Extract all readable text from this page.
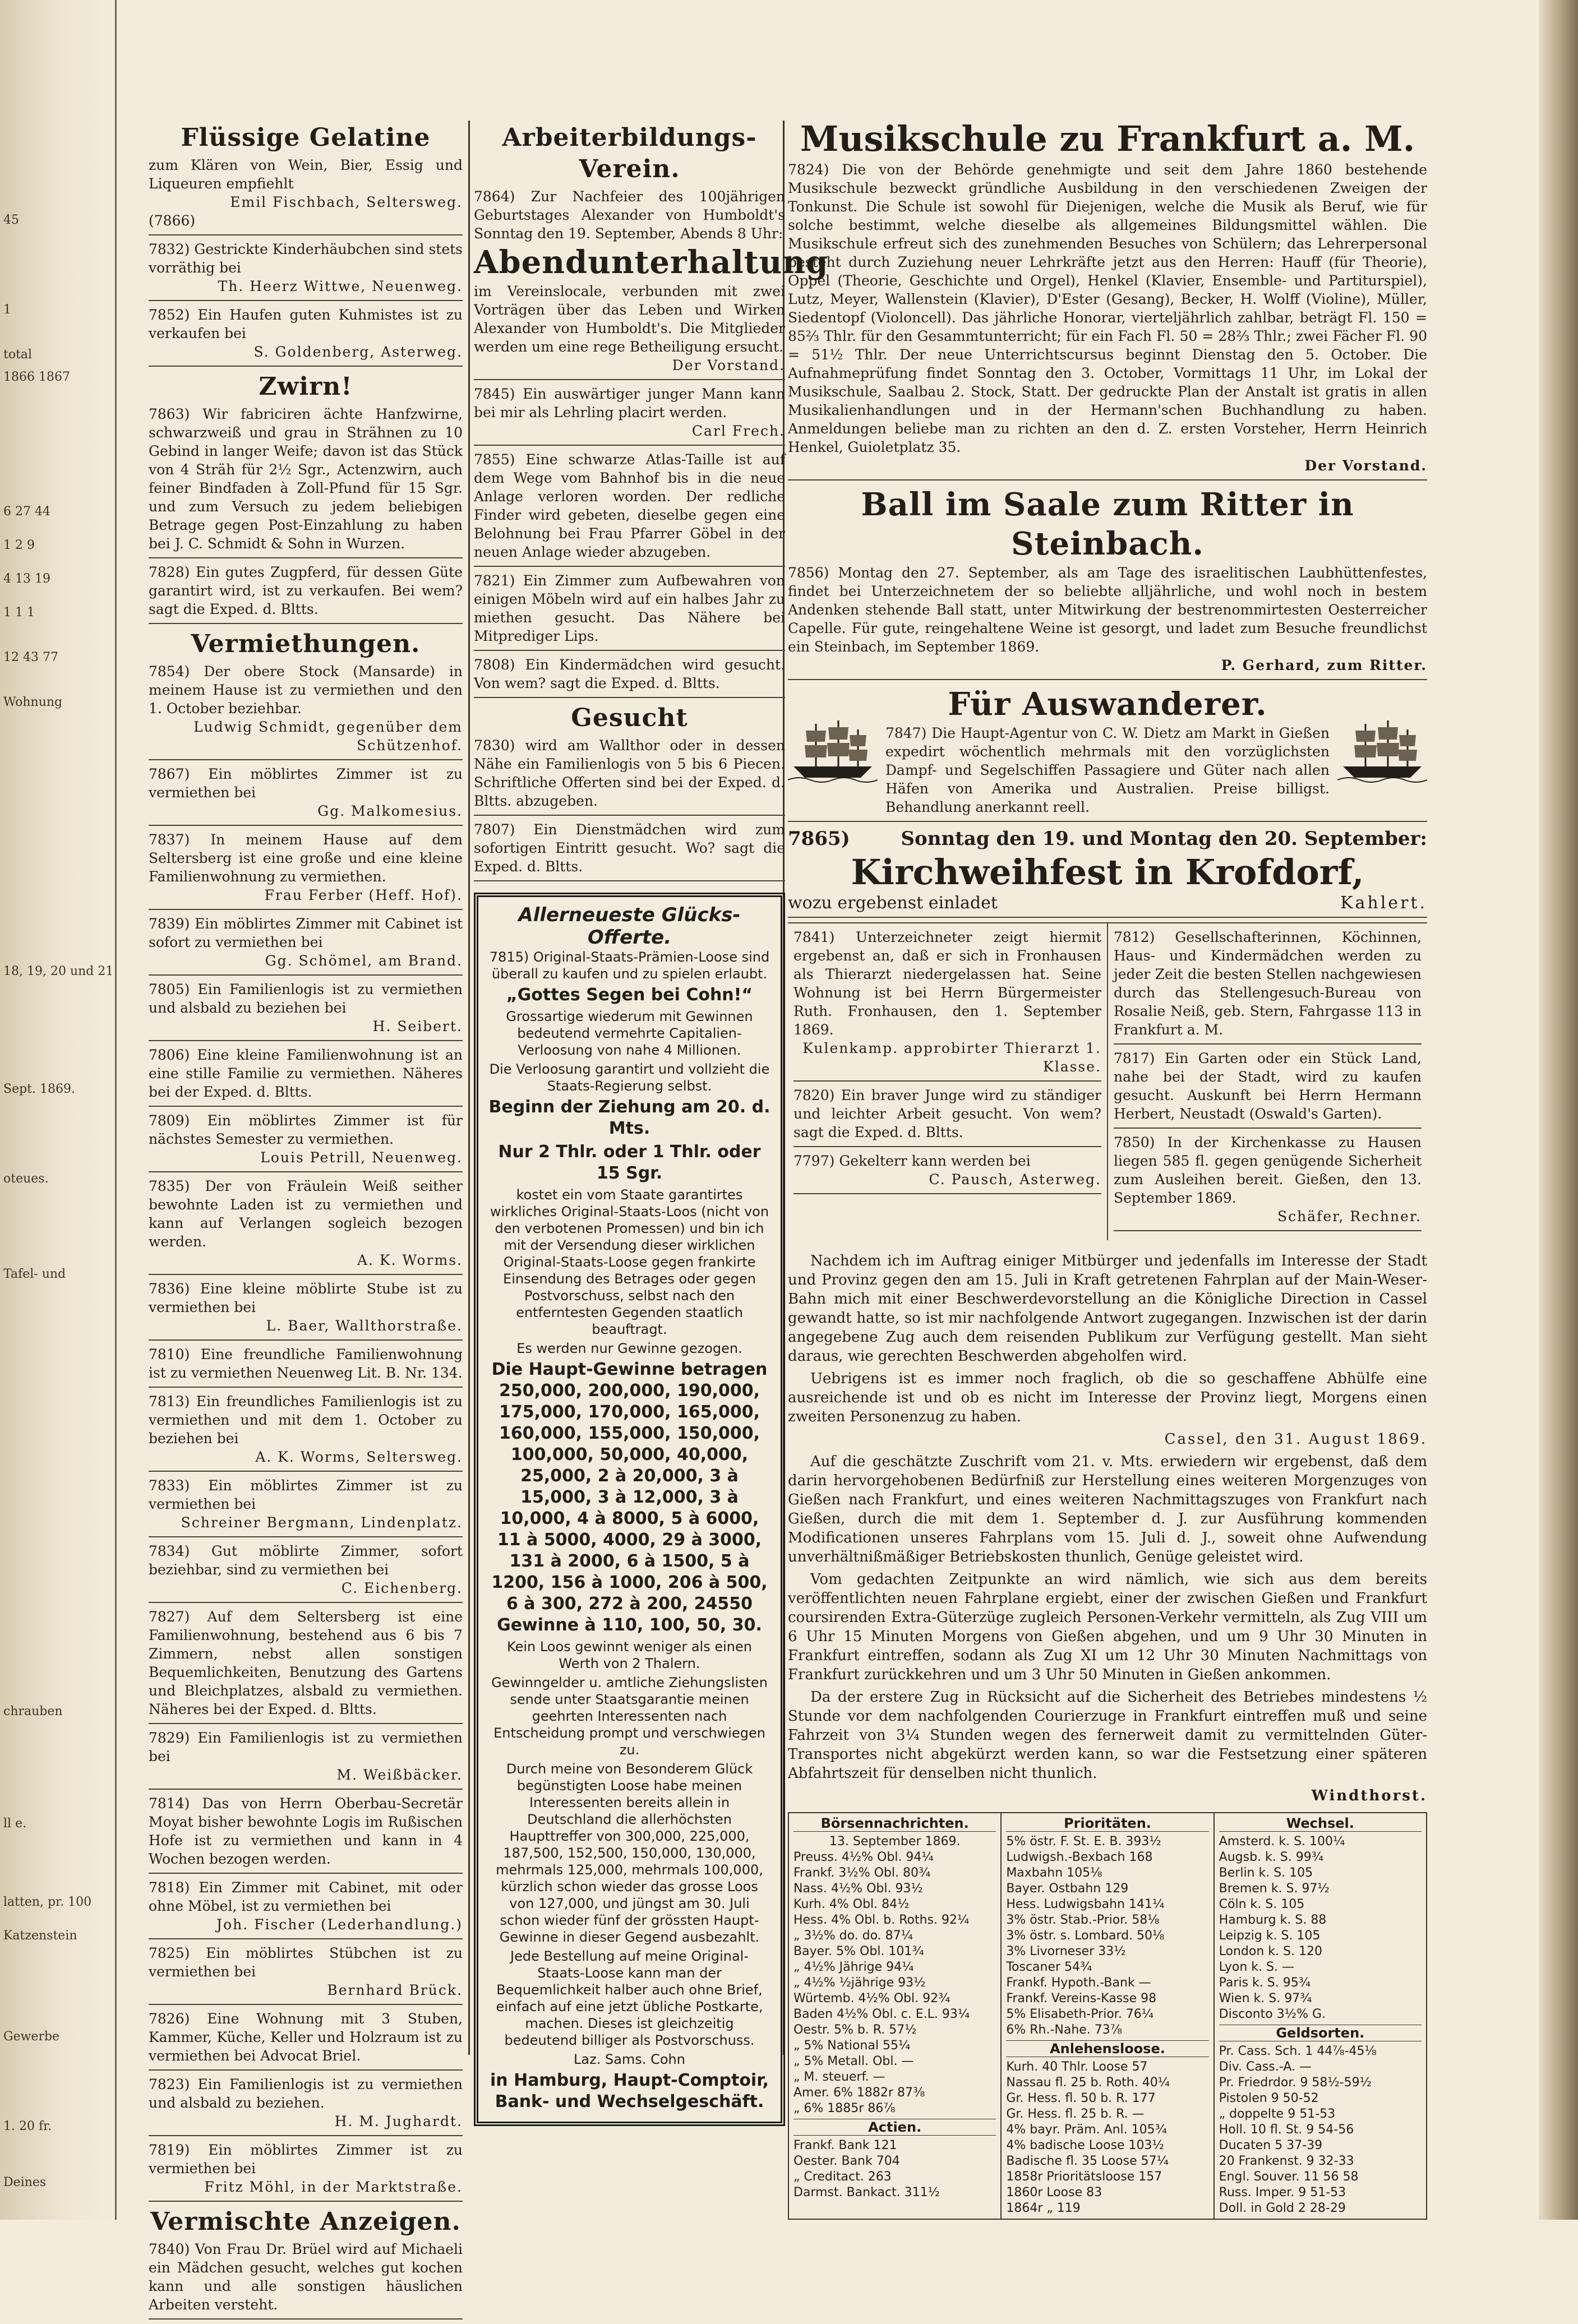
45
1
total
1866 1867
6 27 44
1 2 9
4 13 19
1 1 1
12 43 77
Wohnung
18, 19, 20 und 21
Sept. 1869.
oteues.
Tafel- und
chrauben
ll e.
latten, pr. 100
Katzenstein
Gewerbe
1. 20 fr.
Deines
Flüssige Gelatine

zum Klären von Wein, Bier, Essig und Liqueuren empfiehlt

Emil Fischbach, Seltersweg.
(7866)

7832) Gestrickte Kinderhäubchen sind stets vorräthig bei

Th. Heerz Wittwe, Neuenweg.

7852) Ein Haufen guten Kuhmistes ist zu verkaufen bei

S. Goldenberg, Asterweg.
Zwirn!

7863) Wir fabriciren ächte Hanfzwirne, schwarzweiß und grau in Strähnen zu 10 Gebind in langer Weife; davon ist das Stück von 4 Sträh für 2½ Sgr., Actenzwirn, auch feiner Bindfaden à Zoll-Pfund für 15 Sgr. und zum Versuch zu jedem beliebigen Betrage gegen Post-Einzahlung zu haben bei J. C. Schmidt & Sohn in Wurzen.

7828) Ein gutes Zugpferd, für dessen Güte garantirt wird, ist zu verkaufen. Bei wem? sagt die Exped. d. Bltts.

Vermiethungen.

7854) Der obere Stock (Mansarde) in meinem Hause ist zu vermiethen und den 1. October beziehbar.

Ludwig Schmidt, gegenüber dem Schützenhof.

7867) Ein möblirtes Zimmer ist zu vermiethen bei

Gg. Malkomesius.

7837) In meinem Hause auf dem Seltersberg ist eine große und eine kleine Familienwohnung zu vermiethen.

Frau Ferber (Heff. Hof).

7839) Ein möblirtes Zimmer mit Cabinet ist sofort zu vermiethen bei

Gg. Schömel, am Brand.

7805) Ein Familienlogis ist zu vermiethen und alsbald zu beziehen bei

H. Seibert.

7806) Eine kleine Familienwohnung ist an eine stille Familie zu vermiethen. Näheres bei der Exped. d. Bltts.

7809) Ein möblirtes Zimmer ist für nächstes Semester zu vermiethen.

Louis Petrill, Neuenweg.

7835) Der von Fräulein Weiß seither bewohnte Laden ist zu vermiethen und kann auf Verlangen sogleich bezogen werden.

A. K. Worms.

7836) Eine kleine möblirte Stube ist zu vermiethen bei

L. Baer, Wallthorstraße.

7810) Eine freundliche Familienwohnung ist zu vermiethen Neuenweg Lit. B. Nr. 134.

7813) Ein freundliches Familienlogis ist zu vermiethen und mit dem 1. October zu beziehen bei

A. K. Worms, Seltersweg.

7833) Ein möblirtes Zimmer ist zu vermiethen bei

Schreiner Bergmann, Lindenplatz.

7834) Gut möblirte Zimmer, sofort beziehbar, sind zu vermiethen bei

C. Eichenberg.

7827) Auf dem Seltersberg ist eine Familienwohnung, bestehend aus 6 bis 7 Zimmern, nebst allen sonstigen Bequemlichkeiten, Benutzung des Gartens und Bleichplatzes, alsbald zu vermiethen. Näheres bei der Exped. d. Bltts.

7829) Ein Familienlogis ist zu vermiethen bei

M. Weißbäcker.

7814) Das von Herrn Oberbau-Secretär Moyat bisher bewohnte Logis im Rußischen Hofe ist zu vermiethen und kann in 4 Wochen bezogen werden.

7818) Ein Zimmer mit Cabinet, mit oder ohne Möbel, ist zu vermiethen bei

Joh. Fischer (Lederhandlung.)

7825) Ein möblirtes Stübchen ist zu vermiethen bei

Bernhard Brück.

7826) Eine Wohnung mit 3 Stuben, Kammer, Küche, Keller und Holzraum ist zu vermiethen bei Advocat Briel.

7823) Ein Familienlogis ist zu vermiethen und alsbald zu beziehen.

H. M. Jughardt.

7819) Ein möblirtes Zimmer ist zu vermiethen bei

Fritz Möhl, in der Marktstraße.
Vermischte Anzeigen.

7840) Von Frau Dr. Brüel wird auf Michaeli ein Mädchen gesucht, welches gut kochen kann und alle sonstigen häuslichen Arbeiten versteht.

Arbeiterbildungs-Verein.

7864) Zur Nachfeier des 100jährigen Geburtstages Alexander von Humboldt's Sonntag den 19. September, Abends 8 Uhr:

Abendunterhaltung

im Vereinslocale, verbunden mit zwei Vorträgen über das Leben und Wirken Alexander von Humboldt's. Die Mitglieder werden um eine rege Betheiligung ersucht.

Der Vorstand.

7845) Ein auswärtiger junger Mann kann bei mir als Lehrling placirt werden.

Carl Frech.

7855) Eine schwarze Atlas-Taille ist auf dem Wege vom Bahnhof bis in die neue Anlage verloren worden. Der redliche Finder wird gebeten, dieselbe gegen eine Belohnung bei Frau Pfarrer Göbel in der neuen Anlage wieder abzugeben.

7821) Ein Zimmer zum Aufbewahren von einigen Möbeln wird auf ein halbes Jahr zu miethen gesucht. Das Nähere bei Mitprediger Lips.

7808) Ein Kindermädchen wird gesucht. Von wem? sagt die Exped. d. Bltts.

Gesucht

7830) wird am Wallthor oder in dessen Nähe ein Familienlogis von 5 bis 6 Piecen. Schriftliche Offerten sind bei der Exped. d. Bltts. abzugeben.

7807) Ein Dienstmädchen wird zum sofortigen Eintritt gesucht. Wo? sagt die Exped. d. Bltts.

Allerneueste Glücks-Offerte.
7815) Original-Staats-Prämien-Loose sind überall zu kaufen und zu spielen erlaubt.
„Gottes Segen bei Cohn!“
Grossartige wiederum mit Gewinnen bedeutend vermehrte Capitalien-Verloosung von nahe 4 Millionen.
Die Verloosung garantirt und vollzieht die Staats-Regierung selbst.
Beginn der Ziehung am 20. d. Mts.
Nur 2 Thlr. oder 1 Thlr. oder 15 Sgr.
kostet ein vom Staate garantirtes wirkliches Original-Staats-Loos (nicht von den verbotenen Promessen) und bin ich mit der Versendung dieser wirklichen Original-Staats-Loose gegen frankirte Einsendung des Betrages oder gegen Postvorschuss, selbst nach den entferntesten Gegenden staatlich beauftragt.
Es werden nur Gewinne gezogen.
Die Haupt-Gewinne betragen 250,000, 200,000, 190,000, 175,000, 170,000, 165,000, 160,000, 155,000, 150,000, 100,000, 50,000, 40,000, 25,000, 2 à 20,000, 3 à 15,000, 3 à 12,000, 3 à 10,000, 4 à 8000, 5 à 6000, 11 à 5000, 4000, 29 à 3000, 131 à 2000, 6 à 1500, 5 à 1200, 156 à 1000, 206 à 500, 6 à 300, 272 à 200, 24550 Gewinne à 110, 100, 50, 30.
Kein Loos gewinnt weniger als einen Werth von 2 Thalern.
Gewinngelder u. amtliche Ziehungslisten sende unter Staatsgarantie meinen geehrten Interessenten nach Entscheidung prompt und verschwiegen zu.
Durch meine von Besonderem Glück begünstigten Loose habe meinen Interessenten bereits allein in Deutschland die allerhöchsten Haupttreffer von 300,000, 225,000, 187,500, 152,500, 150,000, 130,000, mehrmals 125,000, mehrmals 100,000, kürzlich schon wieder das grosse Loos von 127,000, und jüngst am 30. Juli schon wieder fünf der grössten Haupt-Gewinne in dieser Gegend ausbezahlt.
Jede Bestellung auf meine Original-Staats-Loose kann man der Bequemlichkeit halber auch ohne Brief, einfach auf eine jetzt übliche Postkarte, machen. Dieses ist gleichzeitig bedeutend billiger als Postvorschuss.
Laz. Sams. Cohn
in Hamburg, Haupt-Comptoir, Bank- und Wechselgeschäft.
Musikschule zu Frankfurt a. M.

7824) Die von der Behörde genehmigte und seit dem Jahre 1860 bestehende Musikschule bezweckt gründliche Ausbildung in den verschiedenen Zweigen der Tonkunst. Die Schule ist sowohl für Diejenigen, welche die Musik als Beruf, wie für solche bestimmt, welche dieselbe als allgemeines Bildungsmittel wählen. Die Musikschule erfreut sich des zunehmenden Besuches von Schülern; das Lehrerpersonal besteht durch Zuziehung neuer Lehrkräfte jetzt aus den Herren: Hauff (für Theorie), Oppel (Theorie, Geschichte und Orgel), Henkel (Klavier, Ensemble- und Partiturspiel), Lutz, Meyer, Wallenstein (Klavier), D'Ester (Gesang), Becker, H. Wolff (Violine), Müller, Siedentopf (Violoncell). Das jährliche Honorar, vierteljährlich zahlbar, beträgt Fl. 150 = 85⅔ Thlr. für den Gesammtunterricht; für ein Fach Fl. 50 = 28⅔ Thlr.; zwei Fächer Fl. 90 = 51½ Thlr. Der neue Unterrichtscursus beginnt Dienstag den 5. October. Die Aufnahmeprüfung findet Sonntag den 3. October, Vormittags 11 Uhr, im Lokal der Musikschule, Saalbau 2. Stock, Statt. Der gedruckte Plan der Anstalt ist gratis in allen Musikalienhandlungen und in der Hermann'schen Buchhandlung zu haben. Anmeldungen beliebe man zu richten an den d. Z. ersten Vorsteher, Herrn Heinrich Henkel, Guioletplatz 35.

Der Vorstand.
Ball im Saale zum Ritter in Steinbach.

7856) Montag den 27. September, als am Tage des israelitischen Laubhüttenfestes, findet bei Unterzeichnetem der so beliebte alljährliche, und wohl noch in bestem Andenken stehende Ball statt, unter Mitwirkung der bestrenommirtesten Oesterreicher Capelle. Für gute, reingehaltene Weine ist gesorgt, und ladet zum Besuche freundlichst ein Steinbach, im September 1869.

P. Gerhard, zum Ritter.
Für Auswanderer.

7847) Die Haupt-Agentur von C. W. Dietz am Markt in Gießen expedirt wöchentlich mehrmals mit den vorzüglichsten Dampf- und Segelschiffen Passagiere und Güter nach allen Häfen von Amerika und Australien. Preise billigst. Behandlung anerkannt reell.

7865)	Sonntag den 19. und Montag den 20. September:
Kirchweihfest in Krofdorf,
wozu ergebenst einladet	Kahlert.

7841) Unterzeichneter zeigt hiermit ergebenst an, daß er sich in Fronhausen als Thierarzt niedergelassen hat. Seine Wohnung ist bei Herrn Bürgermeister Ruth. Fronhausen, den 1. September 1869.

Kulenkamp. approbirter Thierarzt 1. Klasse.

7820) Ein braver Junge wird zu ständiger und leichter Arbeit gesucht. Von wem? sagt die Exped. d. Bltts.

7797) Gekelterr kann werden bei

C. Pausch, Asterweg.

7812) Gesellschafterinnen, Köchinnen, Haus- und Kindermädchen werden zu jeder Zeit die besten Stellen nachgewiesen durch das Stellengesuch-Bureau von Rosalie Neiß, geb. Stern, Fahrgasse 113 in Frankfurt a. M.

7817) Ein Garten oder ein Stück Land, nahe bei der Stadt, wird zu kaufen gesucht. Auskunft bei Herrn Hermann Herbert, Neustadt (Oswald's Garten).

7850) In der Kirchenkasse zu Hausen liegen 585 fl. gegen genügende Sicherheit zum Ausleihen bereit. Gießen, den 13. September 1869.

Schäfer, Rechner.

Nachdem ich im Auftrag einiger Mitbürger und jedenfalls im Interesse der Stadt und Provinz gegen den am 15. Juli in Kraft getretenen Fahrplan auf der Main-Weser-Bahn mich mit einer Beschwerdevorstellung an die Königliche Direction in Cassel gewandt hatte, so ist mir nachfolgende Antwort zugegangen. Inzwischen ist der darin angegebene Zug auch dem reisenden Publikum zur Verfügung gestellt. Man sieht daraus, wie gerechten Beschwerden abgeholfen wird.

Uebrigens ist es immer noch fraglich, ob die so geschaffene Abhülfe eine ausreichende ist und ob es nicht im Interesse der Provinz liegt, Morgens einen zweiten Personenzug zu haben.

Cassel, den 31. August 1869.

Auf die geschätzte Zuschrift vom 21. v. Mts. erwiedern wir ergebenst, daß dem darin hervorgehobenen Bedürfniß zur Herstellung eines weiteren Morgenzuges von Gießen nach Frankfurt, und eines weiteren Nachmittagszuges von Frankfurt nach Gießen, durch die mit dem 1. September d. J. zur Ausführung kommenden Modificationen unseres Fahrplans vom 15. Juli d. J., soweit ohne Aufwendung unverhältnißmäßiger Betriebskosten thunlich, Genüge geleistet wird.

Vom gedachten Zeitpunkte an wird nämlich, wie sich aus dem bereits veröffentlichten neuen Fahrplane ergiebt, einer der zwischen Gießen und Frankfurt coursirenden Extra-Güterzüge zugleich Personen-Verkehr vermitteln, als Zug VIII um 6 Uhr 15 Minuten Morgens von Gießen abgehen, und um 9 Uhr 30 Minuten in Frankfurt eintreffen, sodann als Zug XI um 12 Uhr 30 Minuten Nachmittags von Frankfurt zurückkehren und um 3 Uhr 50 Minuten in Gießen ankommen.

Da der erstere Zug in Rücksicht auf die Sicherheit des Betriebes mindestens ½ Stunde vor dem nachfolgenden Courierzuge in Frankfurt eintreffen muß und seine Fahrzeit von 3¼ Stunden wegen des fernerweit damit zu vermittelnden Güter-Transportes nicht abgekürzt werden kann, so war die Festsetzung einer späteren Abfahrtszeit für denselben nicht thunlich.

Windthorst.

Börsennachrichten.
13. September 1869.
Preuss. 4½% Obl. 94¼
Frankf. 3½% Obl. 80¾
Nass. 4½% Obl. 93½
Kurh. 4% Obl. 84½
Hess. 4% Obl. b. Roths. 92¼
„ 3½% do. do. 87¼
Bayer. 5% Obl. 101¾
„ 4½% Jährige 94¼
„ 4½% ½jährige 93½
Würtemb. 4½% Obl. 92¾
Baden 4½% Obl. c. E.L. 93¼
Oestr. 5% b. R. 57½
„ 5% National 55¼
„ 5% Metall. Obl. —
„ M. steuerf. —
Amer. 6% 1882r 87⅜
„ 6% 1885r 86⅞
Actien.
Frankf. Bank 121
Oester. Bank 704
„ Creditact. 263
Darmst. Bankact. 311½
Prioritäten.
5% östr. F. St. E. B. 393½
Ludwigsh.-Bexbach 168
Maxbahn 105⅛
Bayer. Ostbahn 129
Hess. Ludwigsbahn 141¼
3% östr. Stab.-Prior. 58⅛
3% östr. s. Lombard. 50⅛
3% Livorneser 33½
Toscaner 54¾
Frankf. Hypoth.-Bank —
Frankf. Vereins-Kasse 98
5% Elisabeth-Prior. 76¼
6% Rh.-Nahe. 73⅞
Anlehensloose.
Kurh. 40 Thlr. Loose 57
Nassau fl. 25 b. Roth. 40¼
Gr. Hess. fl. 50 b. R. 177
Gr. Hess. fl. 25 b. R. —
4% bayr. Präm. Anl. 105¾
4% badische Loose 103½
Badische fl. 35 Loose 57¼
1858r Prioritätsloose 157
1860r Loose 83
1864r „ 119
Wechsel.
Amsterd. k. S. 100¼
Augsb. k. S. 99¾
Berlin k. S. 105
Bremen k. S. 97½
Cöln k. S. 105
Hamburg k. S. 88
Leipzig k. S. 105
London k. S. 120
Lyon k. S. —
Paris k. S. 95¾
Wien k. S. 97¾
Disconto 3½% G.
Geldsorten.
Pr. Cass. Sch. 1 44⅞-45⅛
Div. Cass.-A. —
Pr. Friedrdor. 9 58½-59½
Pistolen 9 50-52
„ doppelte 9 51-53
Holl. 10 fl. St. 9 54-56
Ducaten 5 37-39
20 Frankenst. 9 32-33
Engl. Souver. 11 56 58
Russ. Imper. 9 51-53
Doll. in Gold 2 28-29
